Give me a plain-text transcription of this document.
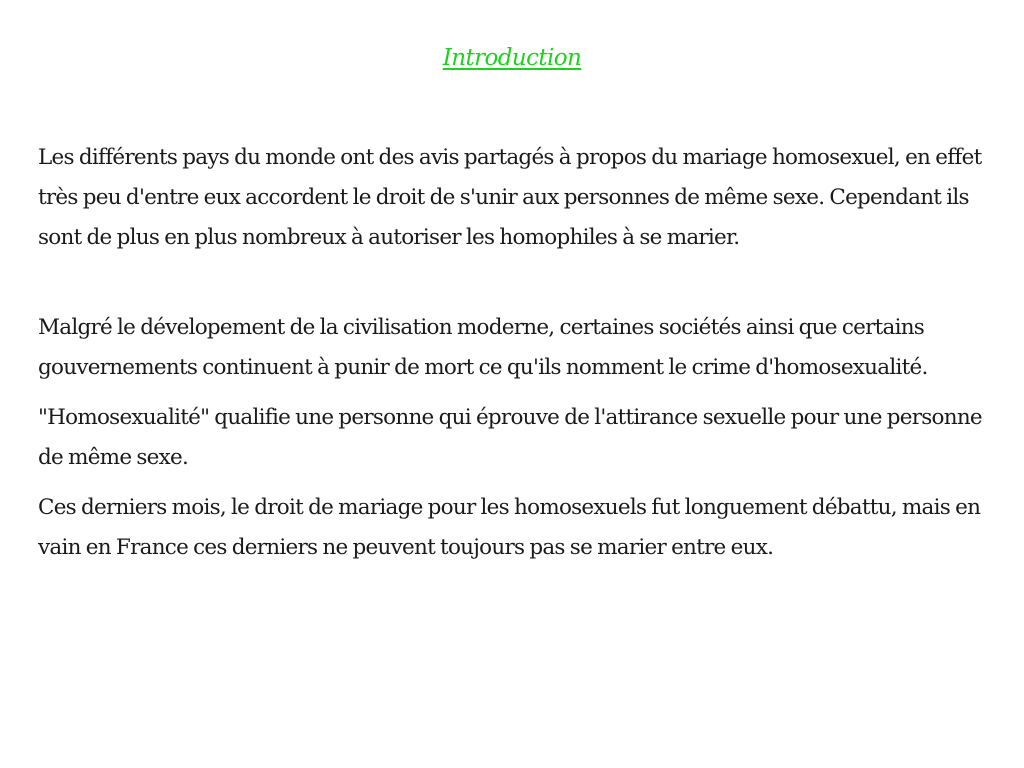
Introduction

Les différents pays du monde ont des avis partagés à propos du mariage homosexuel, en effet très peu d'entre eux accordent le droit de s'unir aux personnes de même sexe. Cependant ils sont de plus en plus nombreux à autoriser les homophiles à se marier.

Malgré le dévelopement de la civilisation moderne, certaines sociétés ainsi que certains gouvernements continuent à punir de mort ce qu'ils nomment le crime d'homosexualité.

"Homosexualité" qualifie une personne qui éprouve de l'attirance sexuelle pour une personne de même sexe.

Ces derniers mois, le droit de mariage pour les homosexuels fut longuement débattu, mais en vain en France ces derniers ne peuvent toujours pas se marier entre eux.
